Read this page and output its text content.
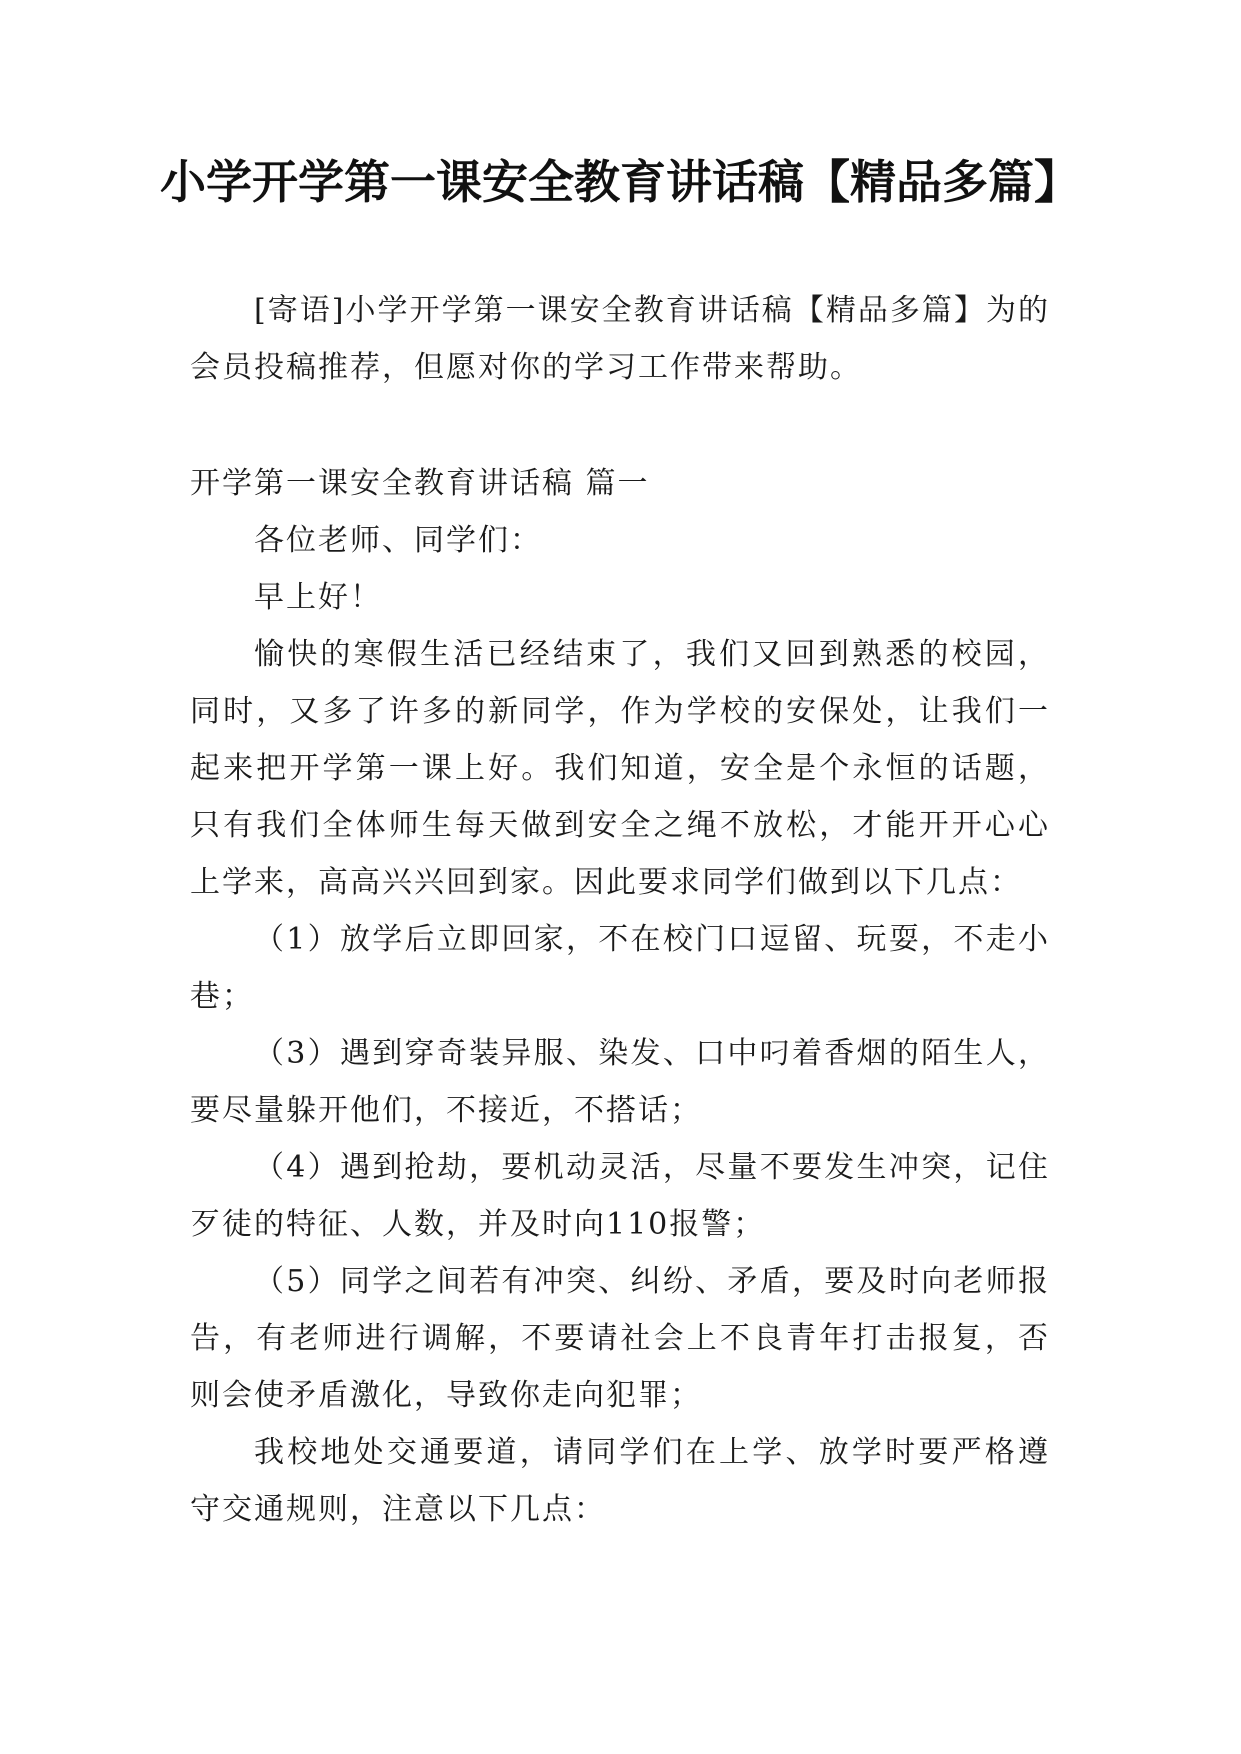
小学开学第一课安全教育讲话稿【精品多篇】

[寄语]小学开学第一课安全教育讲话稿【精品多篇】为的会员投稿推荐，但愿对你的学习工作带来帮助。

开学第一课安全教育讲话稿 篇一

各位老师、同学们：

早上好！

愉快的寒假生活已经结束了，我们又回到熟悉的校园，同时，又多了许多的新同学，作为学校的安保处，让我们一起来把开学第一课上好。我们知道，安全是个永恒的话题，只有我们全体师生每天做到安全之绳不放松，才能开开心心上学来，高高兴兴回到家。因此要求同学们做到以下几点：

（1）放学后立即回家，不在校门口逗留、玩耍，不走小巷；

（3）遇到穿奇装异服、染发、口中叼着香烟的陌生人，要尽量躲开他们，不接近，不搭话；

（4）遇到抢劫，要机动灵活，尽量不要发生冲突，记住歹徒的特征、人数，并及时向110报警；

（5）同学之间若有冲突、纠纷、矛盾，要及时向老师报告，有老师进行调解，不要请社会上不良青年打击报复，否则会使矛盾激化，导致你走向犯罪；

我校地处交通要道，请同学们在上学、放学时要严格遵守交通规则，注意以下几点：
